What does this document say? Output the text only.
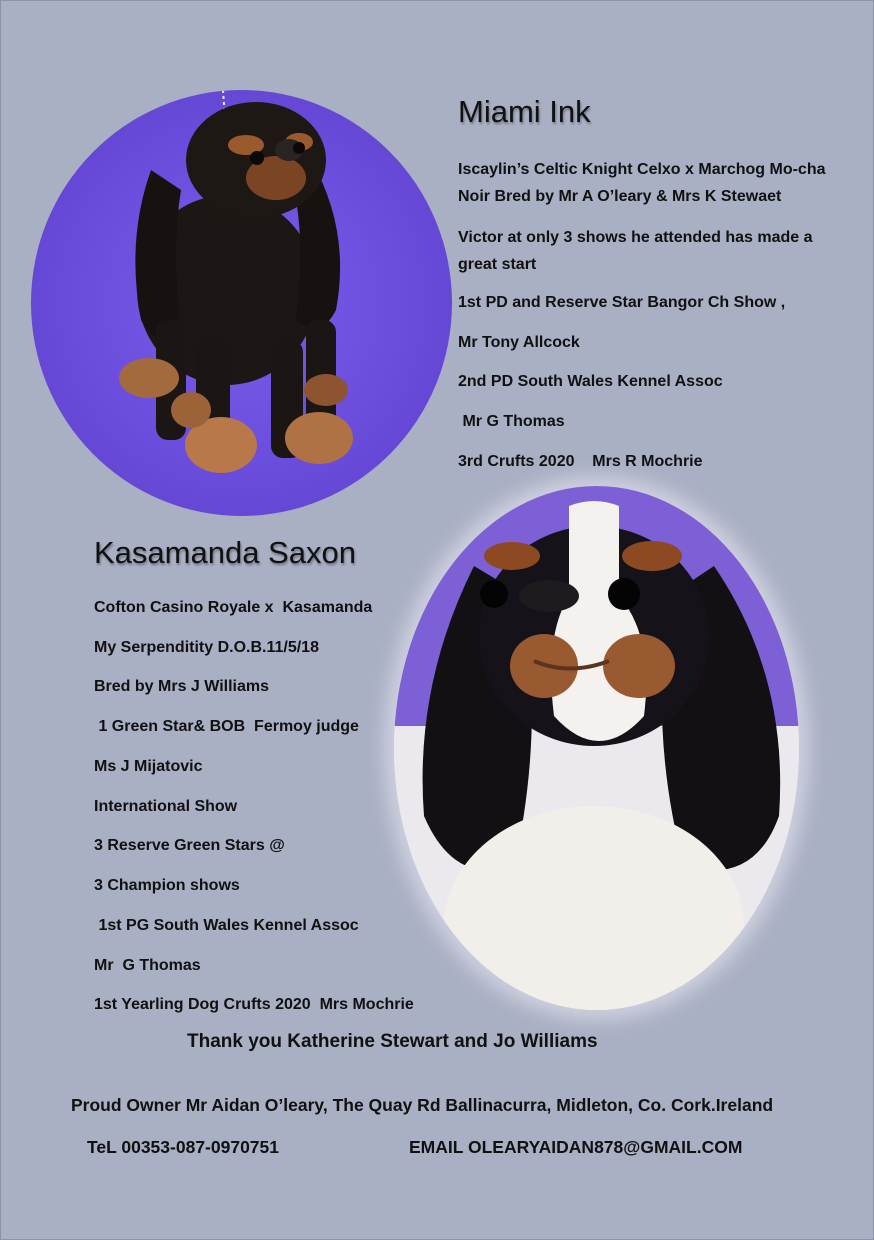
Miami Ink
Iscaylin’s Celtic Knight Celxo x Marchog Mo-cha Noir Bred by Mr A O’leary & Mrs K Stewaet
Victor at only 3 shows he attended has made a great start
1st PD and Reserve Star Bangor Ch Show ,
Mr Tony Allcock
2nd PD South Wales Kennel Assoc
Mr G Thomas
3rd Crufts 2020    Mrs R Mochrie
Kasamanda Saxon
Cofton Casino Royale x  Kasamanda
My Serpenditity D.O.B.11/5/18
Bred by Mrs J Williams
1 Green Star& BOB  Fermoy judge
Ms J Mijatovic
International Show
3 Reserve Green Stars @
3 Champion shows
1st PG South Wales Kennel Assoc
Mr  G Thomas
1st Yearling Dog Crufts 2020  Mrs Mochrie
Thank you Katherine Stewart and Jo Williams
Proud Owner Mr Aidan O’leary, The Quay Rd Ballinacurra, Midleton, Co. Cork.Ireland
TeL 00353-087-0970751	EMAIL OLEARYAIDAN878@GMAIL.COM
